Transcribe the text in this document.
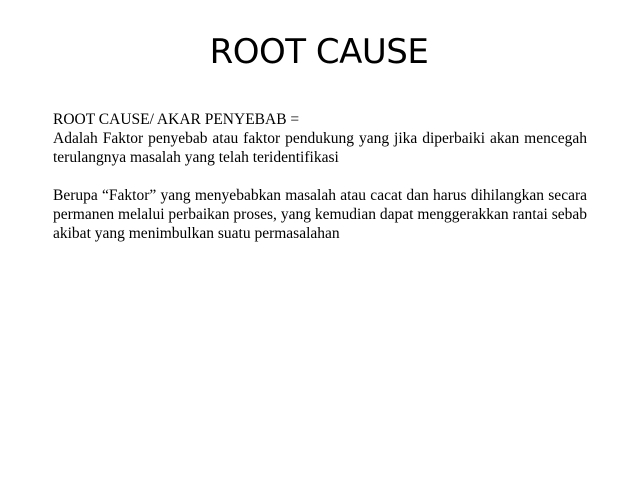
ROOT CAUSE

ROOT CAUSE/ AKAR PENYEBAB =

Adalah Faktor penyebab atau faktor pendukung yang jika diperbaiki akan mencegah terulangnya masalah yang telah teridentifikasi

Berupa “Faktor” yang menyebabkan masalah atau cacat dan harus dihilangkan secara permanen melalui perbaikan proses, yang kemudian dapat menggerakkan rantai sebab akibat yang menimbulkan suatu permasalahan
